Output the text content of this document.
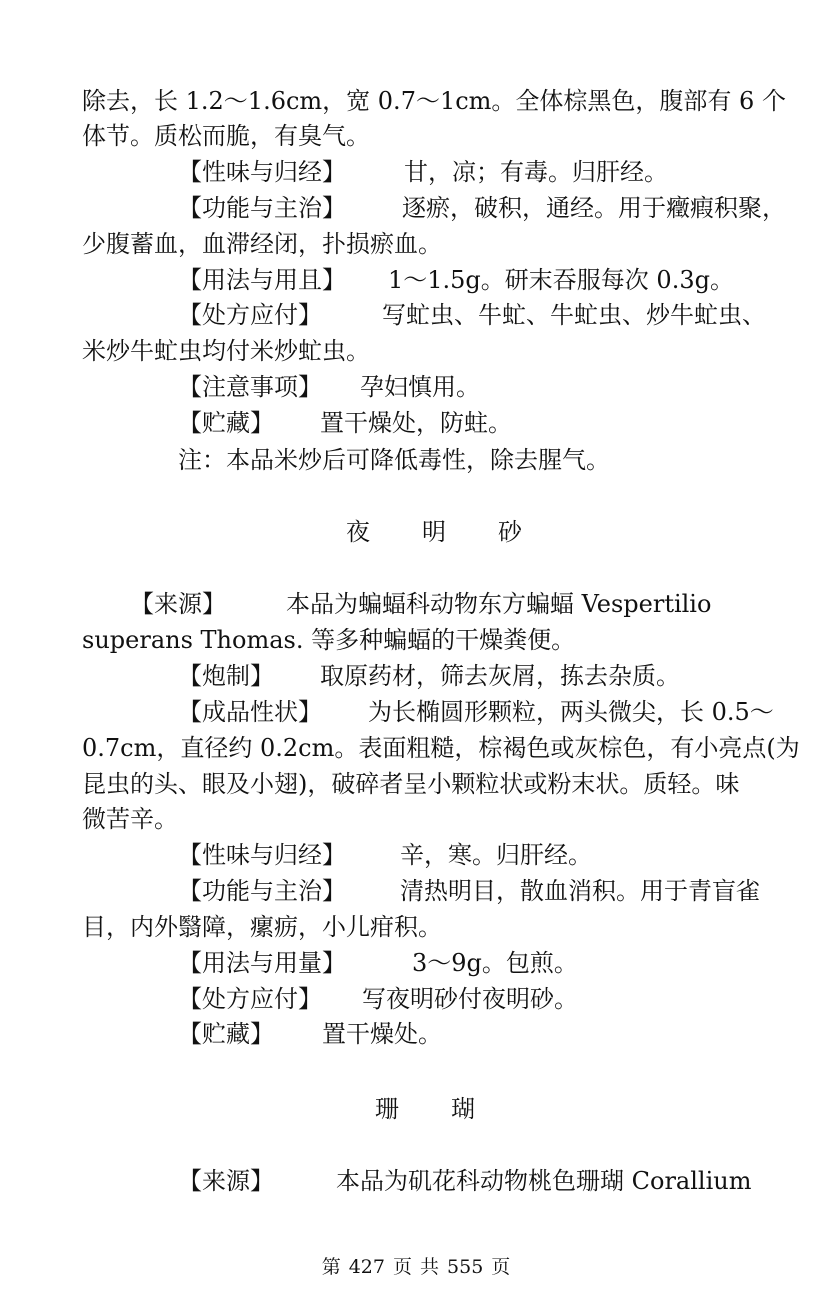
除去，长 1.2～1.6cm，宽 0.7～1cm。全体棕黑色，腹部有 6 个
体节。质松而脆，有臭气。
【性味与归经】 甘，凉；有毒。归肝经。
【功能与主治】 逐瘀，破积，通经。用于癥瘕积聚，
少腹蓄血，血滞经闭，扑损瘀血。
【用法与用且】 1～1.5g。研末吞服每次 0.3g。
【处方应付】	写虻虫、牛虻、牛虻虫、炒牛虻虫、
米炒牛虻虫均付米炒虻虫。
【注意事项】 孕妇慎用。
【贮藏】 置干燥处，防蛀。
注：本品米炒后可降低毒性，除去腥气。
夜 明 砂
【来源】	本品为蝙蝠科动物东方蝙蝠 Vespertilio
superans Thomas. 等多种蝙蝠的干燥粪便。
【炮制】 取原药材，筛去灰屑，拣去杂质。
【成品性状】 为长椭圆形颗粒，两头微尖，长 0.5～
0.7cm，直径约 0.2cm。表面粗糙，棕褐色或灰棕色，有小亮点(为
昆虫的头、眼及小翅)，破碎者呈小颗粒状或粉末状。质轻。味
微苦辛。
【性味与归经】 辛，寒。归肝经。
【功能与主治】 清热明目，散血消积。用于青盲雀
目，内外翳障，瘰疬，小儿疳积。
【用法与用量】	3～9g。包煎。
【处方应付】 写夜明砂付夜明砂。
【贮藏】 置干燥处。
珊 瑚
【来源】	本品为矶花科动物桃色珊瑚 Corallium
第 427 页 共 555 页
